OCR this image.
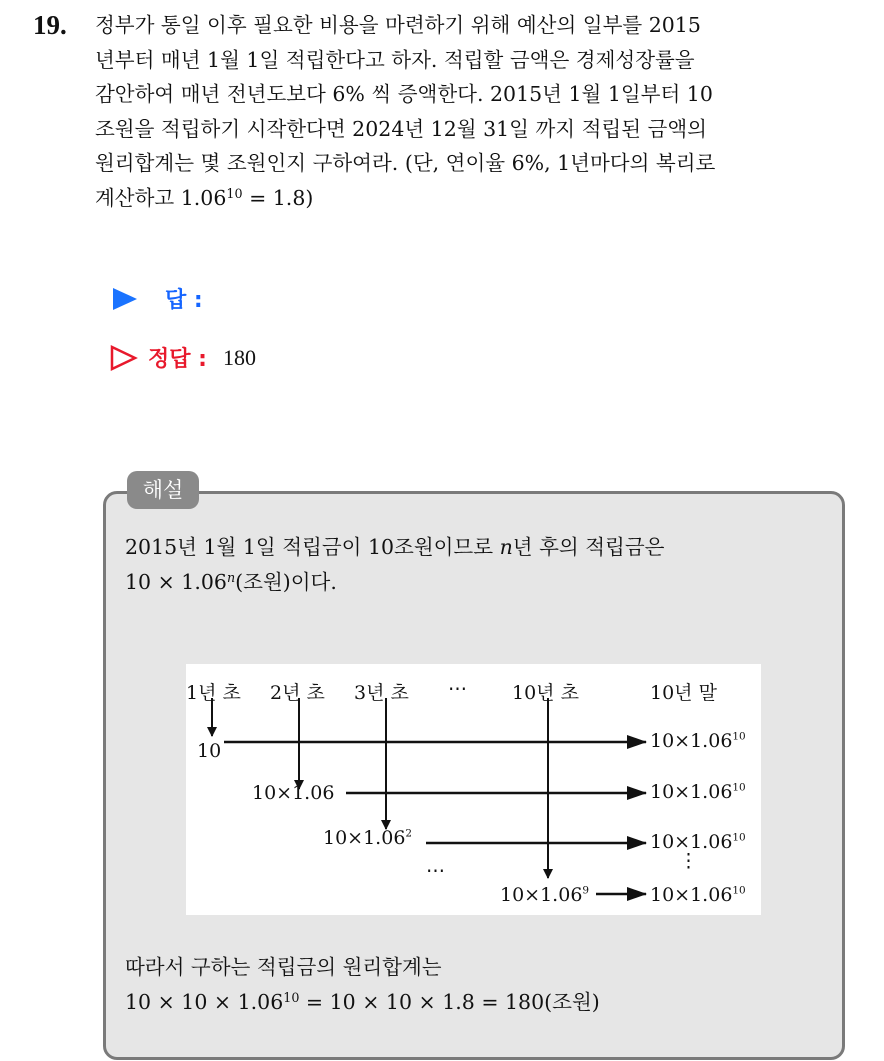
19. 정부가 통일 이후 필요한 비용을 마련하기 위해 예산의 일부를 2015
년부터 매년 1월 1일 적립한다고 하자. 적립할 금액은 경제성장률을
감안하여 매년 전년도보다 6% 씩 증액한다. 2015년 1월 1일부터 10
조원을 적립하기 시작한다면 2024년 12월 31일 까지 적립된 금액의
원리합계는 몇 조원인지 구하여라. (단, 연이율 6%, 1년마다의 복리로
계산하고 $1.06^{10} = 1.8$)
답 :
정답 : 180
해설
2015년 1월 1일 적립금이 10조원이므로 n년 후의 적립금은
$10 \times 1.06^n$(조원)이다.
1년 초 2년 초 3년 초 ⋯ 10년 초	10년 말
10
10×1.06
$10\times 1.06^2$
⋯
$10\times 1.06^9$
$10\times 1.06^{10}$
$10\times 1.06^{10}$
$10\times 1.06^{10}$
⋮
$10\times 1.06^{10}$
따라서 구하는 적립금의 원리합계는
$10 \times 10 \times 1.06^{10} = 10 \times 10 \times 1.8 = 180$(조원)
